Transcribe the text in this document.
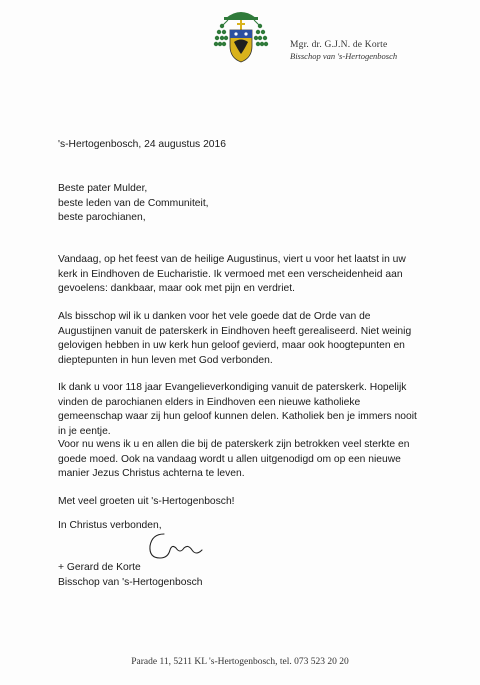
Mgr. dr. G.J.N. de Korte
Bisschop van 's-Hertogenbosch
's-Hertogenbosch, 24 augustus 2016
Beste pater Mulder,
beste leden van de Communiteit,
beste parochianen,
Vandaag, op het feest van de heilige Augustinus, viert u voor het laatst in uw
kerk in Eindhoven de Eucharistie. Ik vermoed met een verscheidenheid aan
gevoelens: dankbaar, maar ook met pijn en verdriet.
Als bisschop wil ik u danken voor het vele goede dat de Orde van de
Augustijnen vanuit de paterskerk in Eindhoven heeft gerealiseerd. Niet weinig
gelovigen hebben in uw kerk hun geloof gevierd, maar ook hoogtepunten en
dieptepunten in hun leven met God verbonden.
Ik dank u voor 118 jaar Evangelieverkondiging vanuit de paterskerk. Hopelijk
vinden de parochianen elders in Eindhoven een nieuwe katholieke
gemeenschap waar zij hun geloof kunnen delen. Katholiek ben je immers nooit
in je eentje.
Voor nu wens ik u en allen die bij de paterskerk zijn betrokken veel sterkte en
goede moed. Ook na vandaag wordt u allen uitgenodigd om op een nieuwe
manier Jezus Christus achterna te leven.
Met veel groeten uit 's-Hertogenbosch!
In Christus verbonden,
+ Gerard de Korte
Bisschop van 's-Hertogenbosch
Parade 11, 5211 KL 's-Hertogenbosch, tel. 073 523 20 20
